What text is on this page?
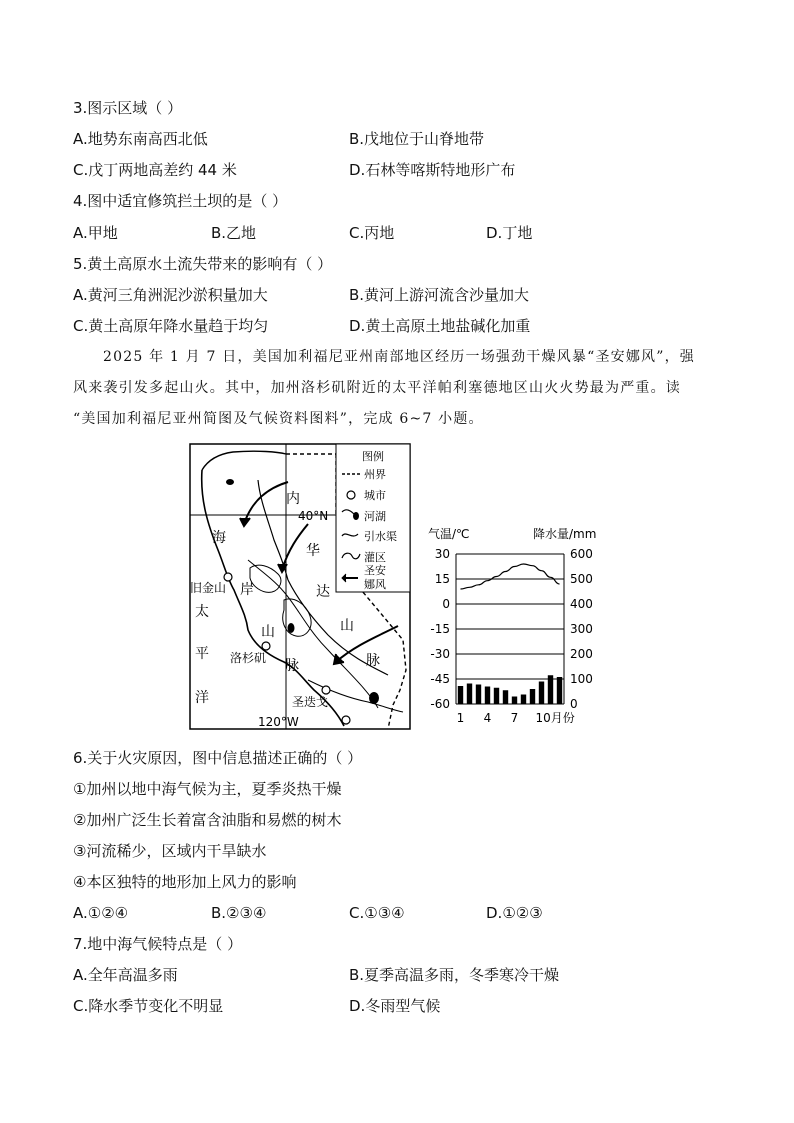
3.图示区域（ ）
A.地势东南高西北低	B.戊地位于山脊地带
C.戊丁两地高差约 44 米	D.石林等喀斯特地形广布
4.图中适宜修筑拦土坝的是（ ）
A.甲地	B.乙地	C.丙地	D.丁地
5.黄土高原水土流失带来的影响有（ ）
A.黄河三角洲泥沙淤积量加大	B.黄河上游河流含沙量加大
C.黄土高原年降水量趋于均匀	D.黄土高原土地盐碱化加重
2025 年 1 月 7 日，美国加利福尼亚州南部地区经历一场强劲干燥风暴“圣安娜风”，强
风来袭引发多起山火。其中，加州洛杉矶附近的太平洋帕利塞德地区山火火势最为严重。读
“美国加利福尼亚州简图及气候资料图料”，完成 6~7 小题。
图例
州界
城市
河湖
引水渠
灌区
圣安
娜风
40°N
120°W
内
华
达
山
脉
海
岸
山
脉
太
平
洋
旧金山
洛杉矶
圣迭戈
气温/℃	降水量/mm
30	600
15	500
0	400
-15	300
-30	200
-45	100
-60	0
1 4 7 10月份
6.关于火灾原因，图中信息描述正确的（ ）
①加州以地中海气候为主，夏季炎热干燥
②加州广泛生长着富含油脂和易燃的树木
③河流稀少，区域内干旱缺水
④本区独特的地形加上风力的影响
A.①②④	B.②③④	C.①③④	D.①②③
7.地中海气候特点是（ ）
A.全年高温多雨	B.夏季高温多雨，冬季寒冷干燥
C.降水季节变化不明显	D.冬雨型气候
